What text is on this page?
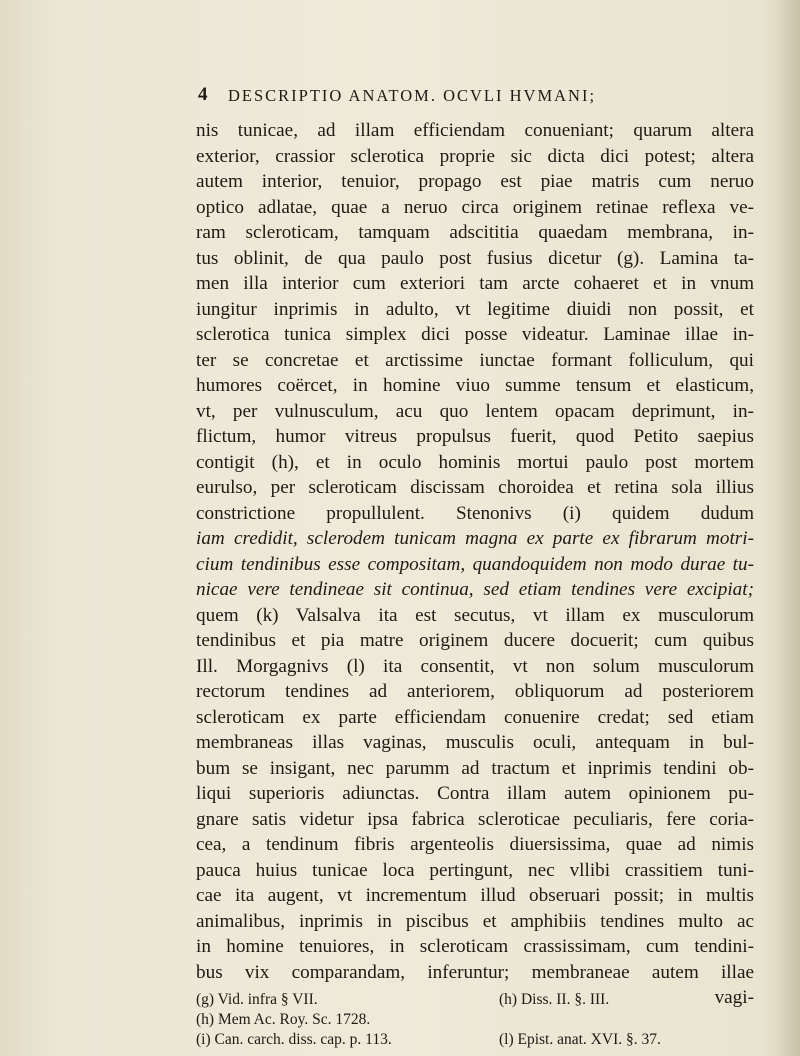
4 DESCRIPTIO ANATOM. OCVLI HVMANI;
nis tunicae, ad illam efficiendam conueniant; quarum altera
exterior, crassior sclerotica proprie sic dicta dici potest; altera
autem interior, tenuior, propago est piae matris cum neruo
optico adlatae, quae a neruo circa originem retinae reflexa ve-
ram scleroticam, tamquam adscititia quaedam membrana, in-
tus oblinit, de qua paulo post fusius dicetur (g). Lamina ta-
men illa interior cum exteriori tam arcte cohaeret et in vnum
iungitur inprimis in adulto, vt legitime diuidi non possit, et
sclerotica tunica simplex dici posse videatur. Laminae illae in-
ter se concretae et arctissime iunctae formant folliculum, qui
humores coërcet, in homine viuo summe tensum et elasticum,
vt, per vulnusculum, acu quo lentem opacam deprimunt, in-
flictum, humor vitreus propulsus fuerit, quod Petito saepius
contigit (h), et in oculo hominis mortui paulo post mortem
eurulso, per scleroticam discissam choroidea et retina sola illius
constrictione propullulent. Stenonivs (i) quidem dudum
iam credidit, sclerodem tunicam magna ex parte ex fibrarum motri-
cium tendinibus esse compositam, quandoquidem non modo durae tu-
nicae vere tendineae sit continua, sed etiam tendines vere excipiat;
quem (k) Valsalva ita est secutus, vt illam ex musculorum
tendinibus et pia matre originem ducere docuerit; cum quibus
Ill. Morgagnivs (l) ita consentit, vt non solum musculorum
rectorum tendines ad anteriorem, obliquorum ad posteriorem
scleroticam ex parte efficiendam conuenire credat; sed etiam
membraneas illas vaginas, musculis oculi, antequam in bul-
bum se insigant, nec parumm ad tractum et inprimis tendini ob-
liqui superioris adiunctas. Contra illam autem opinionem pu-
gnare satis videtur ipsa fabrica scleroticae peculiaris, fere coria-
cea, a tendinum fibris argenteolis diuersissima, quae ad nimis
pauca huius tunicae loca pertingunt, nec vllibi crassitiem tuni-
cae ita augent, vt incrementum illud obseruari possit; in multis
animalibus, inprimis in piscibus et amphibiis tendines multo ac
in homine tenuiores, in scleroticam crassissimam, cum tendini-
bus vix comparandam, inferuntur; membraneae autem illae
vagi-
(g) Vid. infra § VII.	(h) Diss. II. §. III.
(h) Mem Ac. Roy. Sc. 1728.
(i) Can. carch. diss. cap. p. 113.	(l) Epist. anat. XVI. §. 37.
